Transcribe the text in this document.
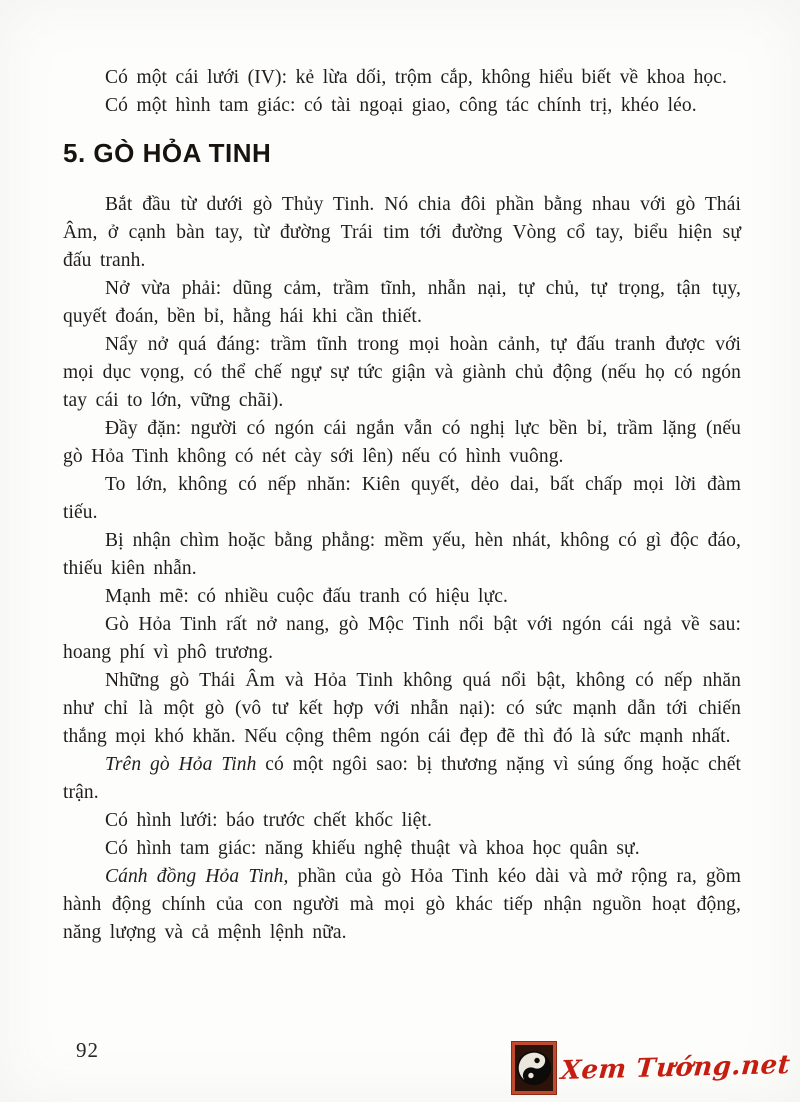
Có một cái lưới (IV): kẻ lừa dối, trộm cắp, không hiểu biết về khoa học.

Có một hình tam giác: có tài ngoại giao, công tác chính trị, khéo léo.

5. GÒ HỎA TINH

Bắt đầu từ dưới gò Thủy Tinh. Nó chia đôi phần bằng nhau với gò Thái Âm, ở cạnh bàn tay, từ đường Trái tim tới đường Vòng cổ tay, biểu hiện sự đấu tranh.

Nở vừa phải: dũng cảm, trầm tĩnh, nhẫn nại, tự chủ, tự trọng, tận tụy, quyết đoán, bền bỉ, hằng hái khi cần thiết.

Nẩy nở quá đáng: trầm tĩnh trong mọi hoàn cảnh, tự đấu tranh được với mọi dục vọng, có thể chế ngự sự tức giận và giành chủ động (nếu họ có ngón tay cái to lớn, vững chãi).

Đầy đặn: người có ngón cái ngắn vẫn có nghị lực bền bỉ, trầm lặng (nếu gò Hỏa Tinh không có nét cày sới lên) nếu có hình vuông.

To lớn, không có nếp nhăn: Kiên quyết, dẻo dai, bất chấp mọi lời đàm tiếu.

Bị nhận chìm hoặc bằng phẳng: mềm yếu, hèn nhát, không có gì độc đáo, thiếu kiên nhẫn.

Mạnh mẽ: có nhiều cuộc đấu tranh có hiệu lực.

Gò Hỏa Tinh rất nở nang, gò Mộc Tinh nổi bật với ngón cái ngả về sau: hoang phí vì phô trương.

Những gò Thái Âm và Hỏa Tinh không quá nổi bật, không có nếp nhăn như chỉ là một gò (vô tư kết hợp với nhẫn nại): có sức mạnh dẫn tới chiến thắng mọi khó khăn. Nếu cộng thêm ngón cái đẹp đẽ thì đó là sức mạnh nhất.

Trên gò Hỏa Tinh có một ngôi sao: bị thương nặng vì súng ống hoặc chết trận.

Có hình lưới: báo trước chết khốc liệt.

Có hình tam giác: năng khiếu nghệ thuật và khoa học quân sự.

Cánh đồng Hỏa Tinh, phần của gò Hỏa Tinh kéo dài và mở rộng ra, gồm hành động chính của con người mà mọi gò khác tiếp nhận nguồn hoạt động, năng lượng và cả mệnh lệnh nữa.

92
Xem Tướng.net
